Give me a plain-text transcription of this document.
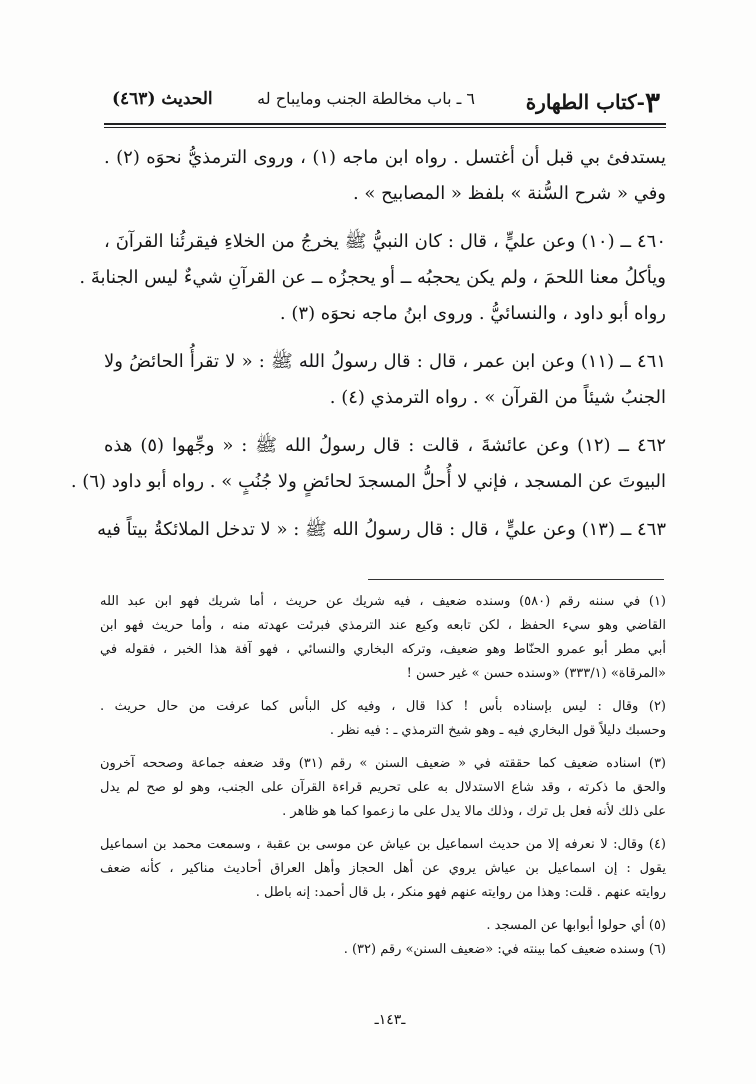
٣-كتاب الطهارة
٦ ـ باب مخالطة الجنب ومايباح له
الحديث (٤٦٣)
يستدفئ بي قبل أن أغتسل . رواه ابن ماجه (١) ، وروى الترمذيُّ نحوَه (٢) .
وفي « شرح السُّنة » بلفظ « المصابيح » .
٤٦٠ ــ (١٠) وعن عليٍّ ، قال : كان النبيُّ ﷺ يخرجُ من الخلاءِ فيقرئُنا القرآنَ ،
ويأكلُ معنا اللحمَ ، ولم يكن يحجبُه ــ أو يحجزُه ــ عن القرآنِ شيءٌ ليس الجنابةَ .
رواه أبو داود ، والنسائيُّ . وروى ابنُ ماجه نحوَه (٣) .
٤٦١ ــ (١١) وعن ابن عمر ، قال : قال رسولُ الله ﷺ : « لا تقرأُ الحائضُ ولا
الجنبُ شيئاً من القرآن » . رواه الترمذي (٤) .
٤٦٢ ــ (١٢) وعن عائشةَ ، قالت : قال رسولُ الله ﷺ : « وجِّهوا (٥) هذه
البيوتَ عن المسجد ، فإني لا أُحلُّ المسجدَ لحائضٍ ولا جُنُبٍ » . رواه أبو داود (٦) .
٤٦٣ ــ (١٣) وعن عليٍّ ، قال : قال رسولُ الله ﷺ : « لا تدخل الملائكةُ بيتاً فيه
(١) في سننه رقم (٥٨٠) وسنده ضعيف ، فيه شريك عن حريث ، أما شريك فهو ابن عبد الله
القاضي وهو سيء الحفظ ، لكن تابعه وكيع عند الترمذي فبرئت عهدته منه ، وأما حريث فهو ابن
أبي مطر أبو عمرو الحنّاط وهو ضعيف، وتركه البخاري والنسائي ، فهو آفة هذا الخبر ، فقوله في
«المرقاة» (٣٣٣/١) «وسنده حسن » غير حسن !
(٢) وقال : ليس بإسناده بأس ! كذا قال ، وفيه كل البأس كما عرفت من حال حريث .
وحسبك دليلاً قول البخاري فيه ـ وهو شيخ الترمذي ـ : فيه نظر .
(٣) اسناده ضعيف كما حققته في « ضعيف السنن » رقم (٣١) وقد ضعفه جماعة وصححه آخرون
والحق ما ذكرته ، وقد شاع الاستدلال به على تحريم قراءة القرآن على الجنب، وهو لو صح لم يدل
على ذلك لأنه فعل بل ترك ، وذلك مالا يدل على ما زعموا كما هو ظاهر .
(٤) وقال: لا نعرفه إلا من حديث اسماعيل بن عياش عن موسى بن عقبة ، وسمعت محمد بن اسماعيل
يقول : إن اسماعيل بن عياش يروي عن أهل الحجاز وأهل العراق أحاديث مناكير ، كأنه ضعف
روايته عنهم . قلت: وهذا من روايته عنهم فهو منكر ، بل قال أحمد: إنه باطل .
(٥) أي حولوا أبوابها عن المسجد .
(٦) وسنده ضعيف كما بينته في: «ضعيف السنن» رقم (٣٢) .
ـ١٤٣ـ
